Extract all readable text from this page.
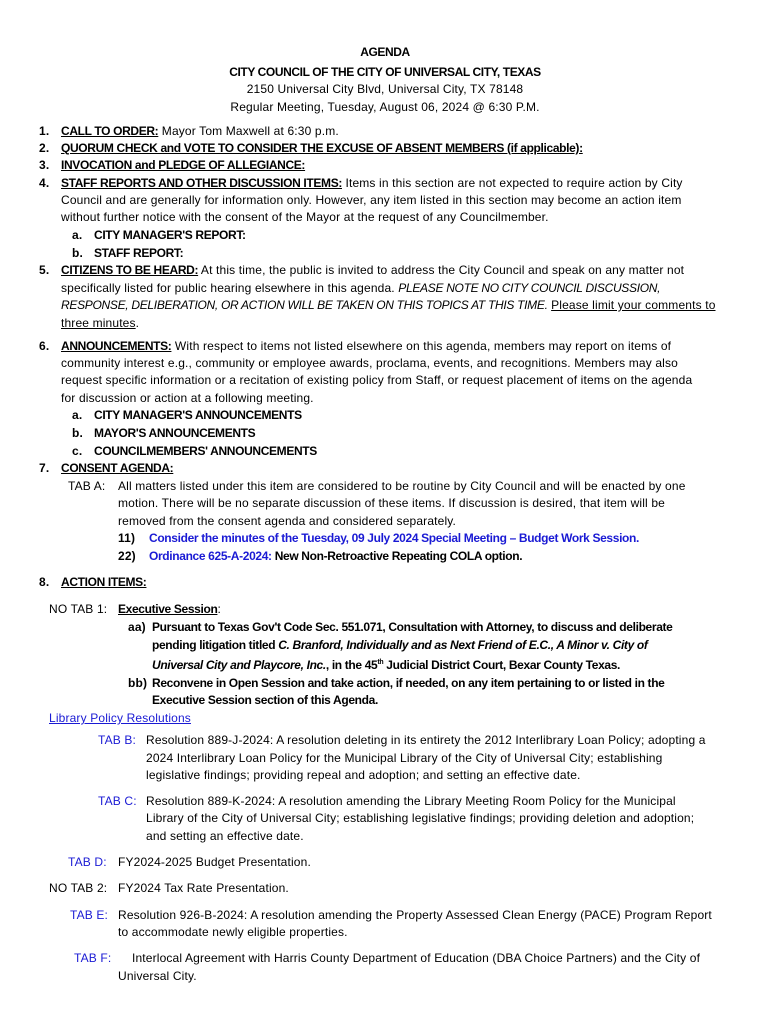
AGENDA
CITY COUNCIL OF THE CITY OF UNIVERSAL CITY, TEXAS
2150 Universal City Blvd, Universal City, TX 78148
Regular Meeting, Tuesday, August 06, 2024 @ 6:30 P.M.
1. CALL TO ORDER: Mayor Tom Maxwell at 6:30 p.m.
2. QUORUM CHECK and VOTE TO CONSIDER THE EXCUSE OF ABSENT MEMBERS (if applicable):
3. INVOCATION and PLEDGE OF ALLEGIANCE:
4. STAFF REPORTS AND OTHER DISCUSSION ITEMS: Items in this section are not expected to require action by City
Council and are generally for information only. However, any item listed in this section may become an action item
without further notice with the consent of the Mayor at the request of any Councilmember.
a. CITY MANAGER'S REPORT:
b. STAFF REPORT:
5. CITIZENS TO BE HEARD: At this time, the public is invited to address the City Council and speak on any matter not
specifically listed for public hearing elsewhere in this agenda. PLEASE NOTE NO CITY COUNCIL DISCUSSION,
RESPONSE, DELIBERATION, OR ACTION WILL BE TAKEN ON THIS TOPICS AT THIS TIME. Please limit your comments to
three minutes.
6. ANNOUNCEMENTS: With respect to items not listed elsewhere on this agenda, members may report on items of
community interest e.g., community or employee awards, proclama, events, and recognitions. Members may also
request specific information or a recitation of existing policy from Staff, or request placement of items on the agenda
for discussion or action at a following meeting.
a. CITY MANAGER'S ANNOUNCEMENTS
b. MAYOR'S ANNOUNCEMENTS
c. COUNCILMEMBERS' ANNOUNCEMENTS
7. CONSENT AGENDA:
TAB A: All matters listed under this item are considered to be routine by City Council and will be enacted by one
motion. There will be no separate discussion of these items. If discussion is desired, that item will be
removed from the consent agenda and considered separately.
11) Consider the minutes of the Tuesday, 09 July 2024 Special Meeting – Budget Work Session.
22) Ordinance 625-A-2024: New Non-Retroactive Repeating COLA option.
8. ACTION ITEMS:
NO TAB 1: Executive Session:
aa) Pursuant to Texas Gov't Code Sec. 551.071, Consultation with Attorney, to discuss and deliberate
pending litigation titled C. Branford, Individually and as Next Friend of E.C., A Minor v. City of
Universal City and Playcore, Inc., in the 45th Judicial District Court, Bexar County Texas.
bb) Reconvene in Open Session and take action, if needed, on any item pertaining to or listed in the
Executive Session section of this Agenda.
Library Policy Resolutions
TAB B: Resolution 889-J-2024: A resolution deleting in its entirety the 2012 Interlibrary Loan Policy; adopting a
2024 Interlibrary Loan Policy for the Municipal Library of the City of Universal City; establishing
legislative findings; providing repeal and adoption; and setting an effective date.
TAB C: Resolution 889-K-2024: A resolution amending the Library Meeting Room Policy for the Municipal
Library of the City of Universal City; establishing legislative findings; providing deletion and adoption;
and setting an effective date.
TAB D: FY2024-2025 Budget Presentation.
NO TAB 2: FY2024 Tax Rate Presentation.
TAB E: Resolution 926-B-2024: A resolution amending the Property Assessed Clean Energy (PACE) Program Report
to accommodate newly eligible properties.
TAB F: Interlocal Agreement with Harris County Department of Education (DBA Choice Partners) and the City of
Universal City.
